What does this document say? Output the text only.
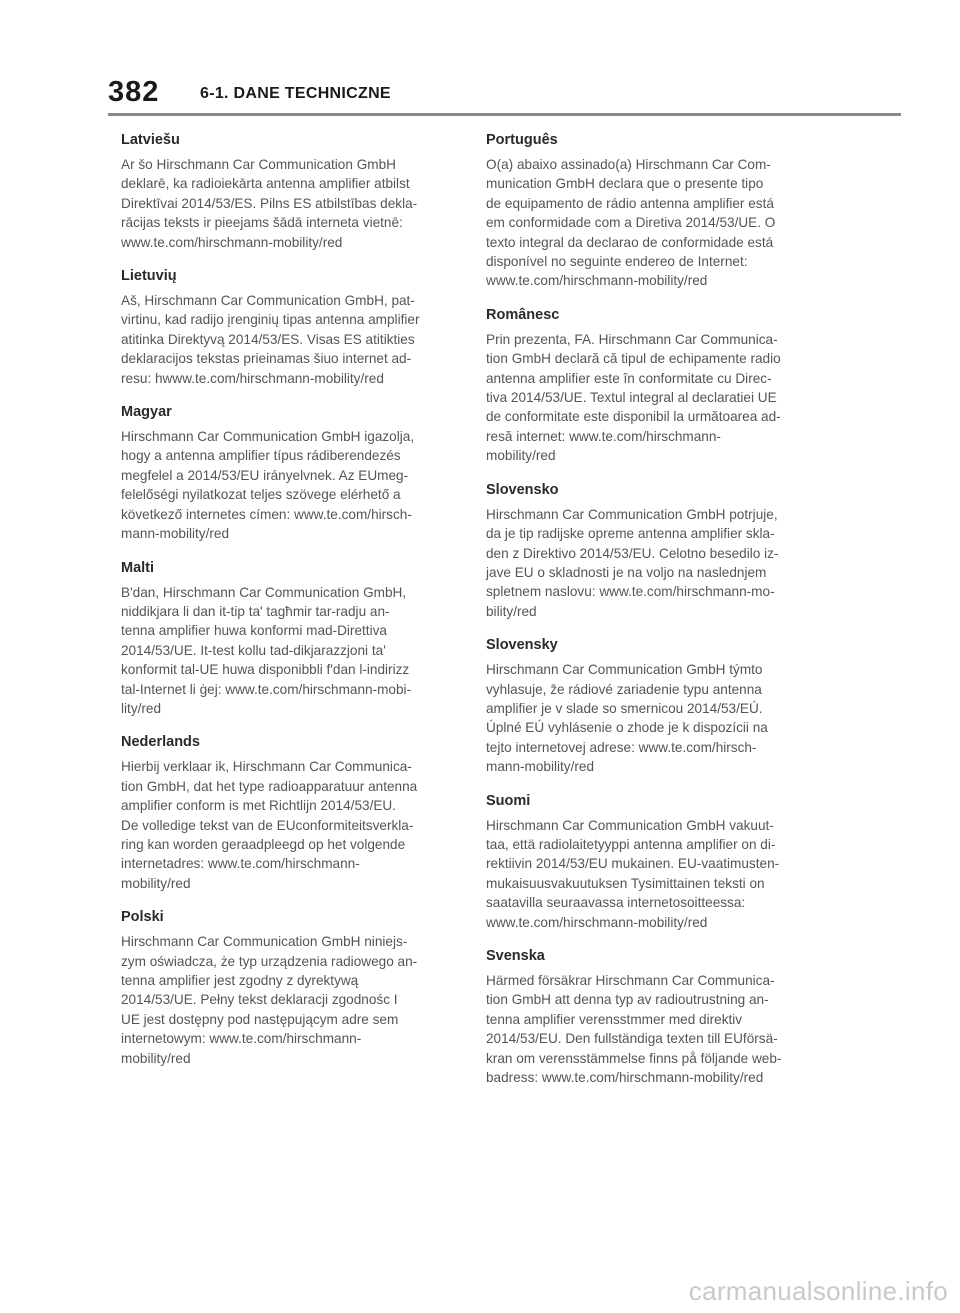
382	6-1. DANE TECHNICZNE
Latviešu

Ar šo Hirschmann Car Communication GmbH
deklarē, ka radioiekārta antenna amplifier atbilst
Direktīvai 2014/53/ES. Pilns ES atbilstības dekla-
rācijas teksts ir pieejams šādā interneta vietnē:
www.te.com/hirschmann-mobility/red

Lietuvių

Aš, Hirschmann Car Communication GmbH, pat-
virtinu, kad radijo įrenginių tipas antenna amplifier
atitinka Direktyvą 2014/53/ES. Visas ES atitikties
deklaracijos tekstas prieinamas šiuo internet ad-
resu: hwww.te.com/hirschmann-mobility/red

Magyar

Hirschmann Car Communication GmbH igazolja,
hogy a antenna amplifier típus rádiberendezés
megfelel a 2014/53/EU irányelvnek. Az EUmeg-
felelőségi nyilatkozat teljes szövege elérhető a
következő internetes címen: www.te.com/hirsch-
mann-mobility/red

Malti

B'dan, Hirschmann Car Communication GmbH,
niddikjara li dan it-tip ta' tagħmir tar-radju an-
tenna amplifier huwa konformi mad-Direttiva
2014/53/UE. It-test kollu tad-dikjarazzjoni ta'
konformit tal-UE huwa disponibbli f'dan l-indirizz
tal-Internet li ġej: www.te.com/hirschmann-mobi-
lity/red

Nederlands

Hierbij verklaar ik, Hirschmann Car Communica-
tion GmbH, dat het type radioapparatuur antenna
amplifier conform is met Richtlijn 2014/53/EU.
De volledige tekst van de EUconformiteitsverkla-
ring kan worden geraadpleegd op het volgende
internetadres: www.te.com/hirschmann-
mobility/red

Polski

Hirschmann Car Communication GmbH niniejs-
zym oświadcza, że typ urządzenia radiowego an-
tenna amplifier jest zgodny z dyrektywą
2014/53/UE. Pełny tekst deklaracji zgodnośc I
UE jest dostępny pod następującym adre sem
internetowym: www.te.com/hirschmann-
mobility/red

Português

O(a) abaixo assinado(a) Hirschmann Car Com-
munication GmbH declara que o presente tipo
de equipamento de rádio antenna amplifier está
em conformidade com a Diretiva 2014/53/UE. O
texto integral da declarao de conformidade está
disponível no seguinte endereo de Internet:
www.te.com/hirschmann-mobility/red

Românesc

Prin prezenta, FA. Hirschmann Car Communica-
tion GmbH declară că tipul de echipamente radio
antenna amplifier este în conformitate cu Direc-
tiva 2014/53/UE. Textul integral al declaratiei UE
de conformitate este disponibil la următoarea ad-
resă internet: www.te.com/hirschmann-
mobility/red

Slovensko

Hirschmann Car Communication GmbH potrjuje,
da je tip radijske opreme antenna amplifier skla-
den z Direktivo 2014/53/EU. Celotno besedilo iz-
jave EU o skladnosti je na voljo na naslednjem
spletnem naslovu: www.te.com/hirschmann-mo-
bility/red

Slovensky

Hirschmann Car Communication GmbH týmto
vyhlasuje, že rádiové zariadenie typu antenna
amplifier je v slade so smernicou 2014/53/EÚ.
Úplné EÚ vyhlásenie o zhode je k dispozícii na
tejto internetovej adrese: www.te.com/hirsch-
mann-mobility/red

Suomi

Hirschmann Car Communication GmbH vakuut-
taa, että radiolaitetyyppi antenna amplifier on di-
rektiivin 2014/53/EU mukainen. EU-vaatimusten-
mukaisuusvakuutuksen Tysimittainen teksti on
saatavilla seuraavassa internetosoitteessa:
www.te.com/hirschmann-mobility/red

Svenska

Härmed försäkrar Hirschmann Car Communica-
tion GmbH att denna typ av radioutrustning an-
tenna amplifier verensstmmer med direktiv
2014/53/EU. Den fullständiga texten till EUförsä-
kran om verensstämmelse finns på följande web-
badress: www.te.com/hirschmann-mobility/red

carmanualsonline.info
